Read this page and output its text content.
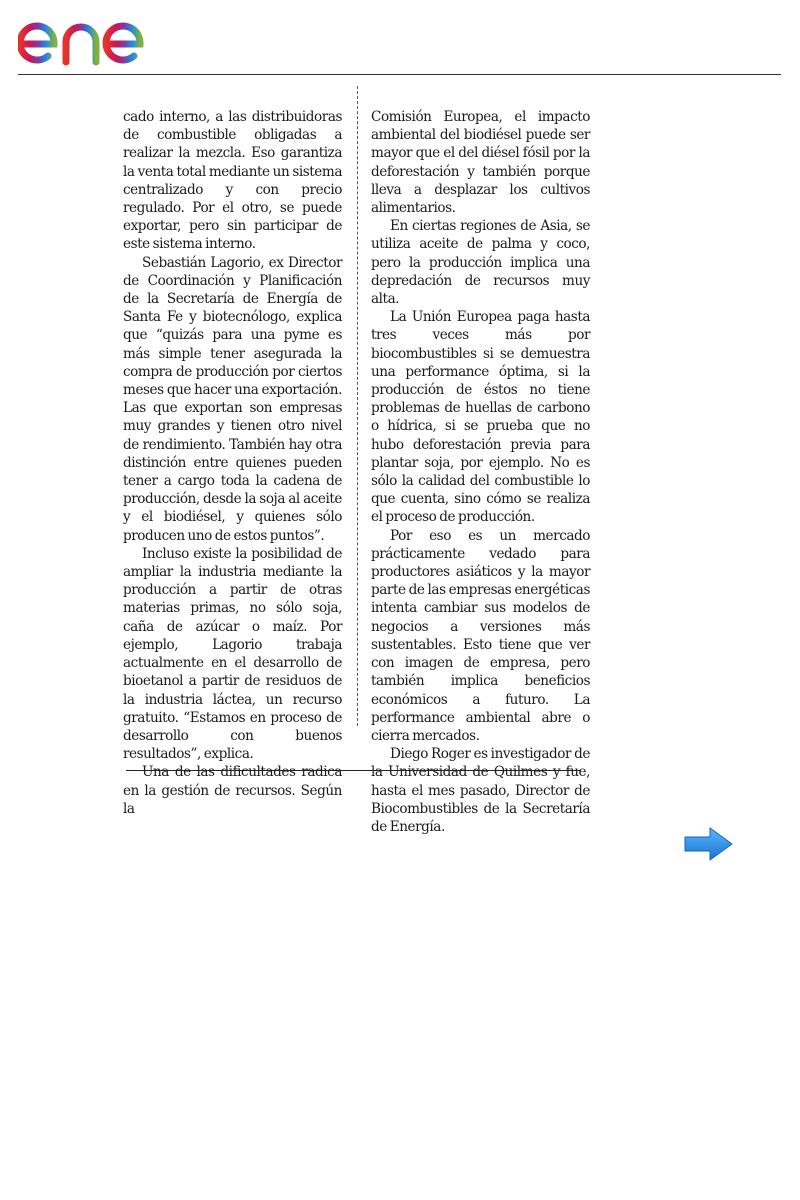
cado interno, a las distribuidoras de combustible obligadas a realizar la mezcla. Eso garantiza la venta total mediante un sistema centralizado y con precio regulado. Por el otro, se puede exportar, pero sin participar de este sistema interno.

Sebastián Lagorio, ex Director de Coordinación y Planificación de la Secretaría de Energía de Santa Fe y biotecnólogo, explica que “quizás para una pyme es más simple tener asegurada la compra de producción por ciertos meses que hacer una exportación. Las que exportan son empresas muy grandes y tienen otro nivel de rendimiento. También hay otra distinción entre quienes pueden tener a cargo toda la cadena de producción, desde la soja al aceite y el biodiésel, y quienes sólo producen uno de estos puntos”.

Incluso existe la posibilidad de ampliar la industria mediante la producción a partir de otras materias primas, no sólo soja, caña de azúcar o maíz. Por ejemplo, Lagorio trabaja actualmente en el desarrollo de bioetanol a partir de residuos de la industria láctea, un recurso gratuito. “Estamos en proceso de desarrollo con buenos resultados”, explica.

Una de las dificultades radica en la gestión de recursos. Según la

Comisión Europea, el impacto ambiental del biodiésel puede ser mayor que el del diésel fósil por la deforestación y también porque lleva a desplazar los cultivos alimentarios.

En ciertas regiones de Asia, se utiliza aceite de palma y coco, pero la producción implica una depredación de recursos muy alta.

La Unión Europea paga hasta tres veces más por biocombustibles si se demuestra una performance óptima, si la producción de éstos no tiene problemas de huellas de carbono o hídrica, si se prueba que no hubo deforestación previa para plantar soja, por ejemplo. No es sólo la calidad del combustible lo que cuenta, sino cómo se realiza el proceso de producción.

Por eso es un mercado prácticamente vedado para productores asiáticos y la mayor parte de las empresas energéticas intenta cambiar sus modelos de negocios a versiones más sustentables. Esto tiene que ver con imagen de empresa, pero también implica beneficios económicos a futuro. La performance ambiental abre o cierra mercados.

Diego Roger es investigador de la Universidad de Quilmes y fue, hasta el mes pasado, Director de Biocombustibles de la Secretaría de Energía.
